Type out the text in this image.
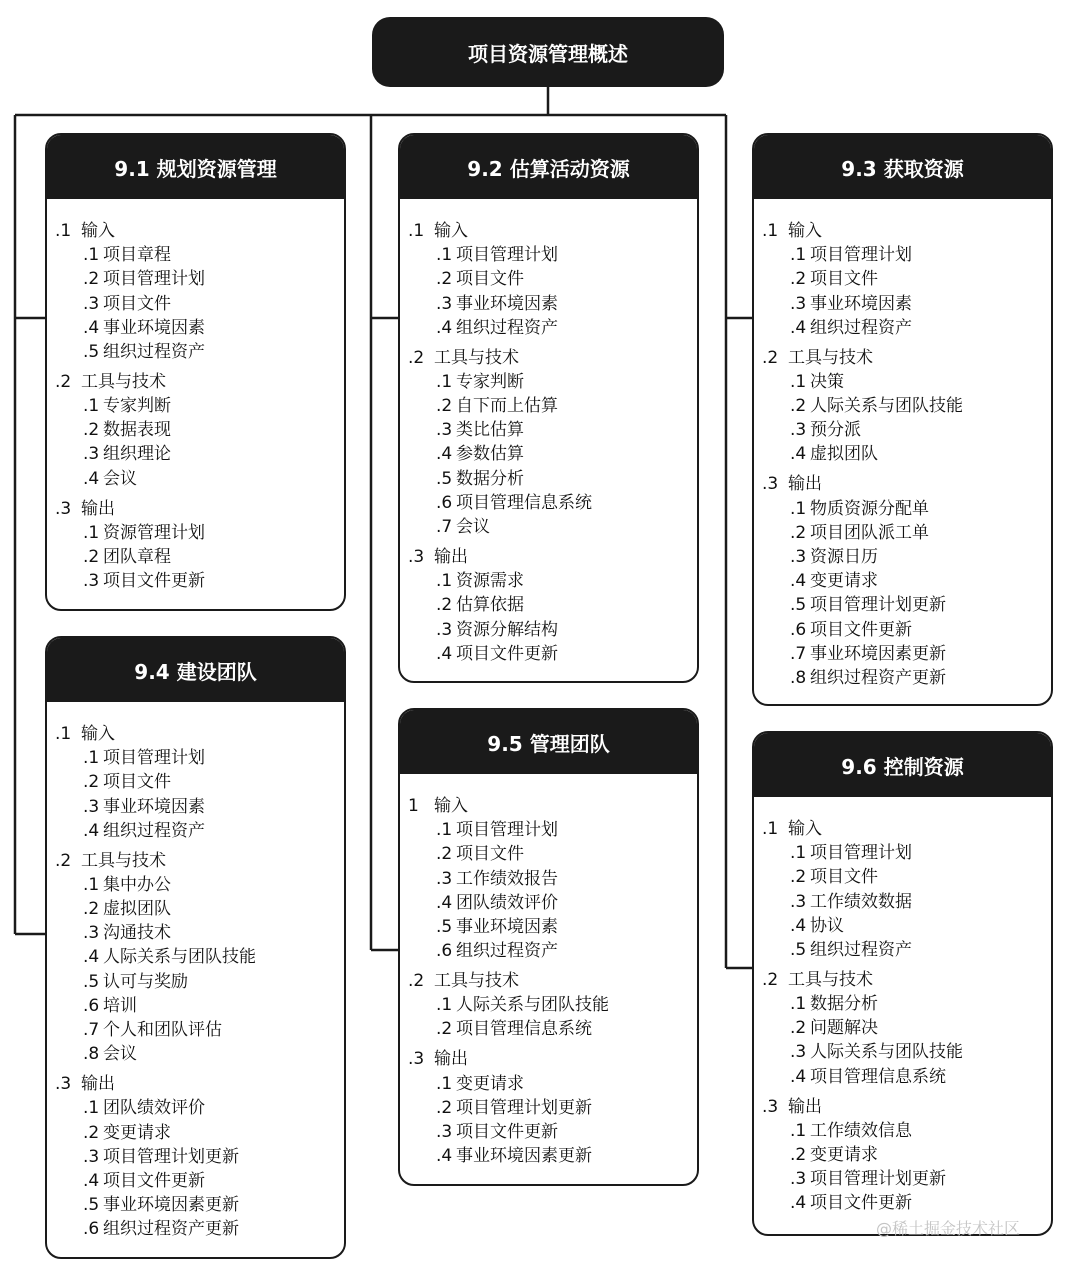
项目资源管理概述
9.1 规划资源管理
.1 输入
.1 项目章程
.2 项目管理计划
.3 项目文件
.4 事业环境因素
.5 组织过程资产
.2 工具与技术
.1 专家判断
.2 数据表现
.3 组织理论
.4 会议
.3 输出
.1 资源管理计划
.2 团队章程
.3 项目文件更新
9.2 估算活动资源
.1 输入
.1 项目管理计划
.2 项目文件
.3 事业环境因素
.4 组织过程资产
.2 工具与技术
.1 专家判断
.2 自下而上估算
.3 类比估算
.4 参数估算
.5 数据分析
.6 项目管理信息系统
.7 会议
.3 输出
.1 资源需求
.2 估算依据
.3 资源分解结构
.4 项目文件更新
9.3 获取资源
.1 输入
.1 项目管理计划
.2 项目文件
.3 事业环境因素
.4 组织过程资产
.2 工具与技术
.1 决策
.2 人际关系与团队技能
.3 预分派
.4 虚拟团队
.3 输出
.1 物质资源分配单
.2 项目团队派工单
.3 资源日历
.4 变更请求
.5 项目管理计划更新
.6 项目文件更新
.7 事业环境因素更新
.8 组织过程资产更新
9.4 建设团队
.1 输入
.1 项目管理计划
.2 项目文件
.3 事业环境因素
.4 组织过程资产
.2 工具与技术
.1 集中办公
.2 虚拟团队
.3 沟通技术
.4 人际关系与团队技能
.5 认可与奖励
.6 培训
.7 个人和团队评估
.8 会议
.3 输出
.1 团队绩效评价
.2 变更请求
.3 项目管理计划更新
.4 项目文件更新
.5 事业环境因素更新
.6 组织过程资产更新
9.5 管理团队
1 输入
.1 项目管理计划
.2 项目文件
.3 工作绩效报告
.4 团队绩效评价
.5 事业环境因素
.6 组织过程资产
.2 工具与技术
.1 人际关系与团队技能
.2 项目管理信息系统
.3 输出
.1 变更请求
.2 项目管理计划更新
.3 项目文件更新
.4 事业环境因素更新
9.6 控制资源
.1 输入
.1 项目管理计划
.2 项目文件
.3 工作绩效数据
.4 协议
.5 组织过程资产
.2 工具与技术
.1 数据分析
.2 问题解决
.3 人际关系与团队技能
.4 项目管理信息系统
.3 输出
.1 工作绩效信息
.2 变更请求
.3 项目管理计划更新
.4 项目文件更新
@稀土掘金技术社区
